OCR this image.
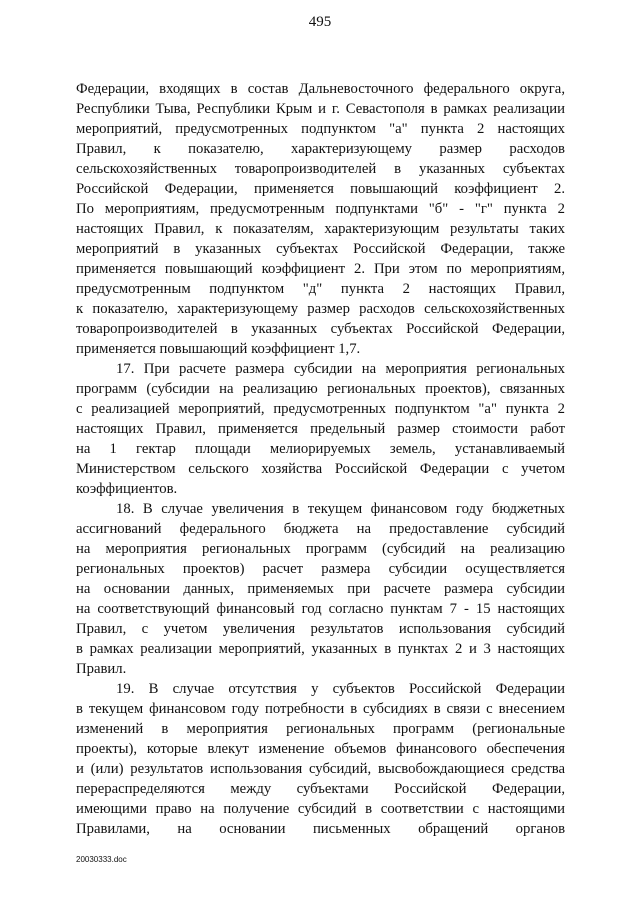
495
Федерации, входящих в состав Дальневосточного федерального округа,
Республики Тыва, Республики Крым и г. Севастополя в рамках реализации
мероприятий, предусмотренных подпунктом "а" пункта 2 настоящих
Правил, к показателю, характеризующему размер расходов
сельскохозяйственных товаропроизводителей в указанных субъектах
Российской Федерации, применяется повышающий коэффициент 2.
По мероприятиям, предусмотренным подпунктами "б" - "г" пункта 2
настоящих Правил, к показателям, характеризующим результаты таких
мероприятий в указанных субъектах Российской Федерации, также
применяется повышающий коэффициент 2. При этом по мероприятиям,
предусмотренным подпунктом "д" пункта 2 настоящих Правил,
к показателю, характеризующему размер расходов сельскохозяйственных
товаропроизводителей в указанных субъектах Российской Федерации,
применяется повышающий коэффициент 1,7.
17. При расчете размера субсидии на мероприятия региональных
программ (субсидии на реализацию региональных проектов), связанных
с реализацией мероприятий, предусмотренных подпунктом "а" пункта 2
настоящих Правил, применяется предельный размер стоимости работ
на 1 гектар площади мелиорируемых земель, устанавливаемый
Министерством сельского хозяйства Российской Федерации с учетом
коэффициентов.
18. В случае увеличения в текущем финансовом году бюджетных
ассигнований федерального бюджета на предоставление субсидий
на мероприятия региональных программ (субсидий на реализацию
региональных проектов) расчет размера субсидии осуществляется
на основании данных, применяемых при расчете размера субсидии
на соответствующий финансовый год согласно пунктам 7 - 15 настоящих
Правил, с учетом увеличения результатов использования субсидий
в рамках реализации мероприятий, указанных в пунктах 2 и 3 настоящих
Правил.
19. В случае отсутствия у субъектов Российской Федерации
в текущем финансовом году потребности в субсидиях в связи с внесением
изменений в мероприятия региональных программ (региональные
проекты), которые влекут изменение объемов финансового обеспечения
и (или) результатов использования субсидий, высвобождающиеся средства
перераспределяются между субъектами Российской Федерации,
имеющими право на получение субсидий в соответствии с настоящими
Правилами, на основании письменных обращений органов
20030333.doc
